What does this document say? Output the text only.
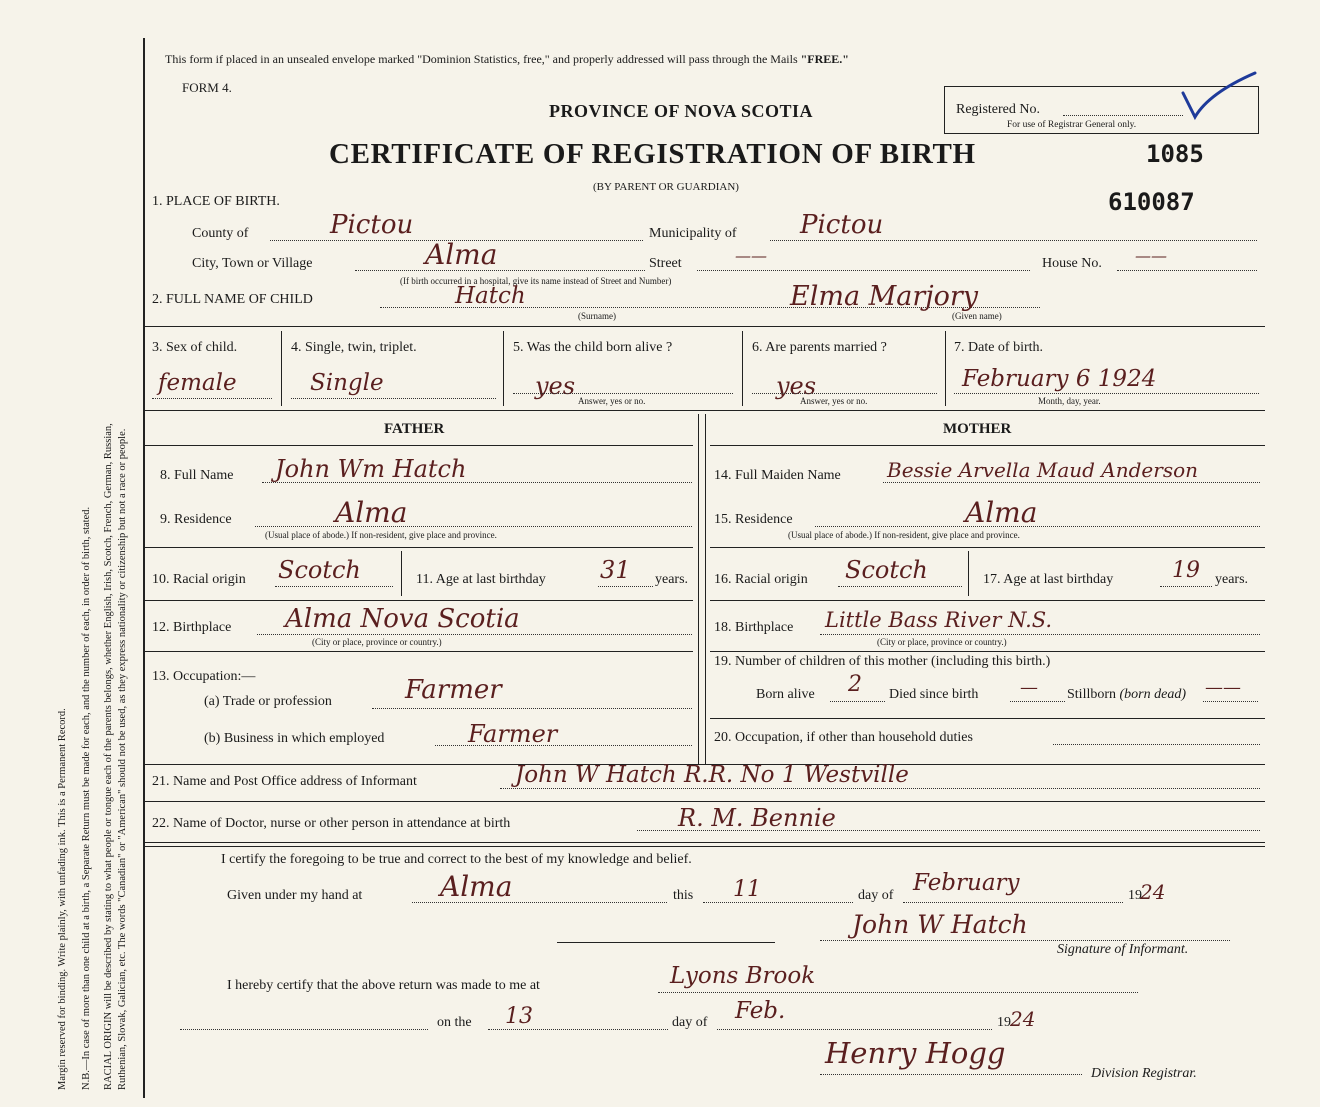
Margin reserved for binding. Write plainly, with unfading ink. This is a Permanent Record. N.B.—In case of more than one child at a birth, a Separate Return must be made for each, and the number of each, in order of birth, stated. RACIAL ORIGIN will be described by stating to what people or tongue each of the parents belongs, whether English, Irish, Scotch, French, German, Russian, Ruthenian, Slovak, Galician, etc. The words "Canadian" or "American" should not be used, as they express nationality or citizenship but not a race or people.
This form if placed in an unsealed envelope marked "Dominion Statistics, free," and properly addressed will pass through the Mails "FREE."
FORM 4.
PROVINCE OF NOVA SCOTIA	Registered No.
For use of Registrar General only.
CERTIFICATE OF REGISTRATION OF BIRTH
(BY PARENT OR GUARDIAN)
1085
610087
1. PLACE OF BIRTH.
County of	Pictou	Municipality of Pictou
City, Town or Village	Alma	Street	——	House No. ——
(If birth occurred in a hospital, give its name instead of Street and Number)
2. FULL NAME OF CHILD	Hatch	Elma Marjory
(Surname)	(Given name)
3. Sex of child.
female
4. Single, twin, triplet.
Single
5. Was the child born alive ?
yes
Answer, yes or no.
6. Are parents married ?
yes
Answer, yes or no.
7. Date of birth.
February 6 1924
Month, day, year.
FATHER	MOTHER
8. Full Name John Wm Hatch
9. Residence	Alma
(Usual place of abode.) If non-resident, give place and province.
10. Racial origin Scotch	11. Age at last birthday 31 years.
12. Birthplace Alma Nova Scotia
(City or place, province or country.)
13. Occupation:—
(a) Trade or profession	Farmer
(b) Business in which employed	Farmer
14. Full Maiden Name Bessie Arvella Maud Anderson
15. Residence	Alma
(Usual place of abode.) If non-resident, give place and province.
16. Racial origin Scotch	17. Age at last birthday	19 years.
18. Birthplace Little Bass River N.S.
(City or place, province or country.)
19. Number of children of this mother (including this birth.)
Born alive 2 Died since birth — Stillborn (born dead) ——
20. Occupation, if other than household duties
21. Name and Post Office address of Informant	John W Hatch R.R. No 1 Westville
22. Name of Doctor, nurse or other person in attendance at birth	R. M. Bennie
I certify the foregoing to be true and correct to the best of my knowledge and belief.
Given under my hand at	Alma	this 11	day of February	19
24
John W Hatch
Signature of Informant.
I hereby certify that the above return was made to me at	Lyons Brook
on the 13	day of Feb.	19 24
Henry Hogg
Division Registrar.
